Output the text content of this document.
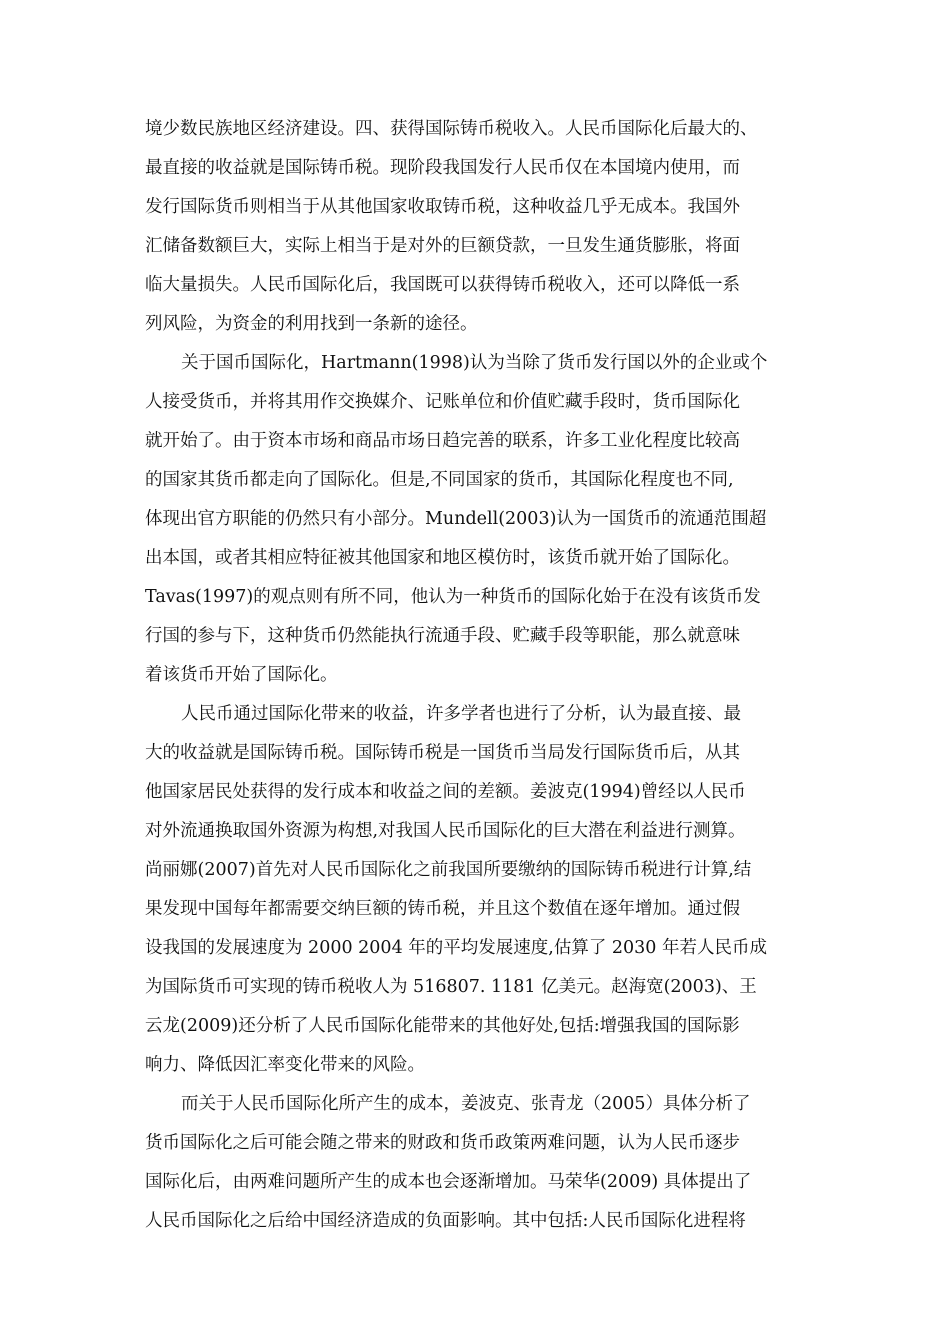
境少数民族地区经济建设。四、获得国际铸币税收入。人民币国际化后最大的、
最直接的收益就是国际铸币税。现阶段我国发行人民币仅在本国境内使用，而
发行国际货币则相当于从其他国家收取铸币税，这种收益几乎无成本。我国外
汇储备数额巨大，实际上相当于是对外的巨额贷款，一旦发生通货膨胀，将面
临大量损失。人民币国际化后，我国既可以获得铸币税收入，还可以降低一系
列风险，为资金的利用找到一条新的途径。
关于国币国际化，Hartmann(1998)认为当除了货币发行国以外的企业或个
人接受货币，并将其用作交换媒介、记账单位和价值贮藏手段时，货币国际化
就开始了。由于资本市场和商品市场日趋完善的联系，许多工业化程度比较高
的国家其货币都走向了国际化。但是,不同国家的货币，其国际化程度也不同,
体现出官方职能的仍然只有小部分。Mundell(2003)认为一国货币的流通范围超
出本国，或者其相应特征被其他国家和地区模仿时，该货币就开始了国际化。
Tavas(1997)的观点则有所不同，他认为一种货币的国际化始于在没有该货币发
行国的参与下，这种货币仍然能执行流通手段、贮藏手段等职能，那么就意味
着该货币开始了国际化。
人民币通过国际化带来的收益，许多学者也进行了分析，认为最直接、最
大的收益就是国际铸币税。国际铸币税是一国货币当局发行国际货币后，从其
他国家居民处获得的发行成本和收益之间的差额。姜波克(1994)曾经以人民币
对外流通换取国外资源为构想,对我国人民币国际化的巨大潜在利益进行测算。
尚丽娜(2007)首先对人民币国际化之前我国所要缴纳的国际铸币税进行计算,结
果发现中国每年都需要交纳巨额的铸币税，并且这个数值在逐年增加。通过假
设我国的发展速度为 2000 2004 年的平均发展速度,估算了 2030 年若人民币成
为国际货币可实现的铸币税收人为 516807. 1181 亿美元。赵海宽(2003)、王
云龙(2009)还分析了人民币国际化能带来的其他好处,包括:增强我国的国际影
响力、降低因汇率变化带来的风险。
而关于人民币国际化所产生的成本，姜波克、张青龙（2005）具体分析了
货币国际化之后可能会随之带来的财政和货币政策两难问题，认为人民币逐步
国际化后，由两难问题所产生的成本也会逐渐增加。马荣华(2009) 具体提出了
人民币国际化之后给中国经济造成的负面影响。其中包括:人民币国际化进程将
